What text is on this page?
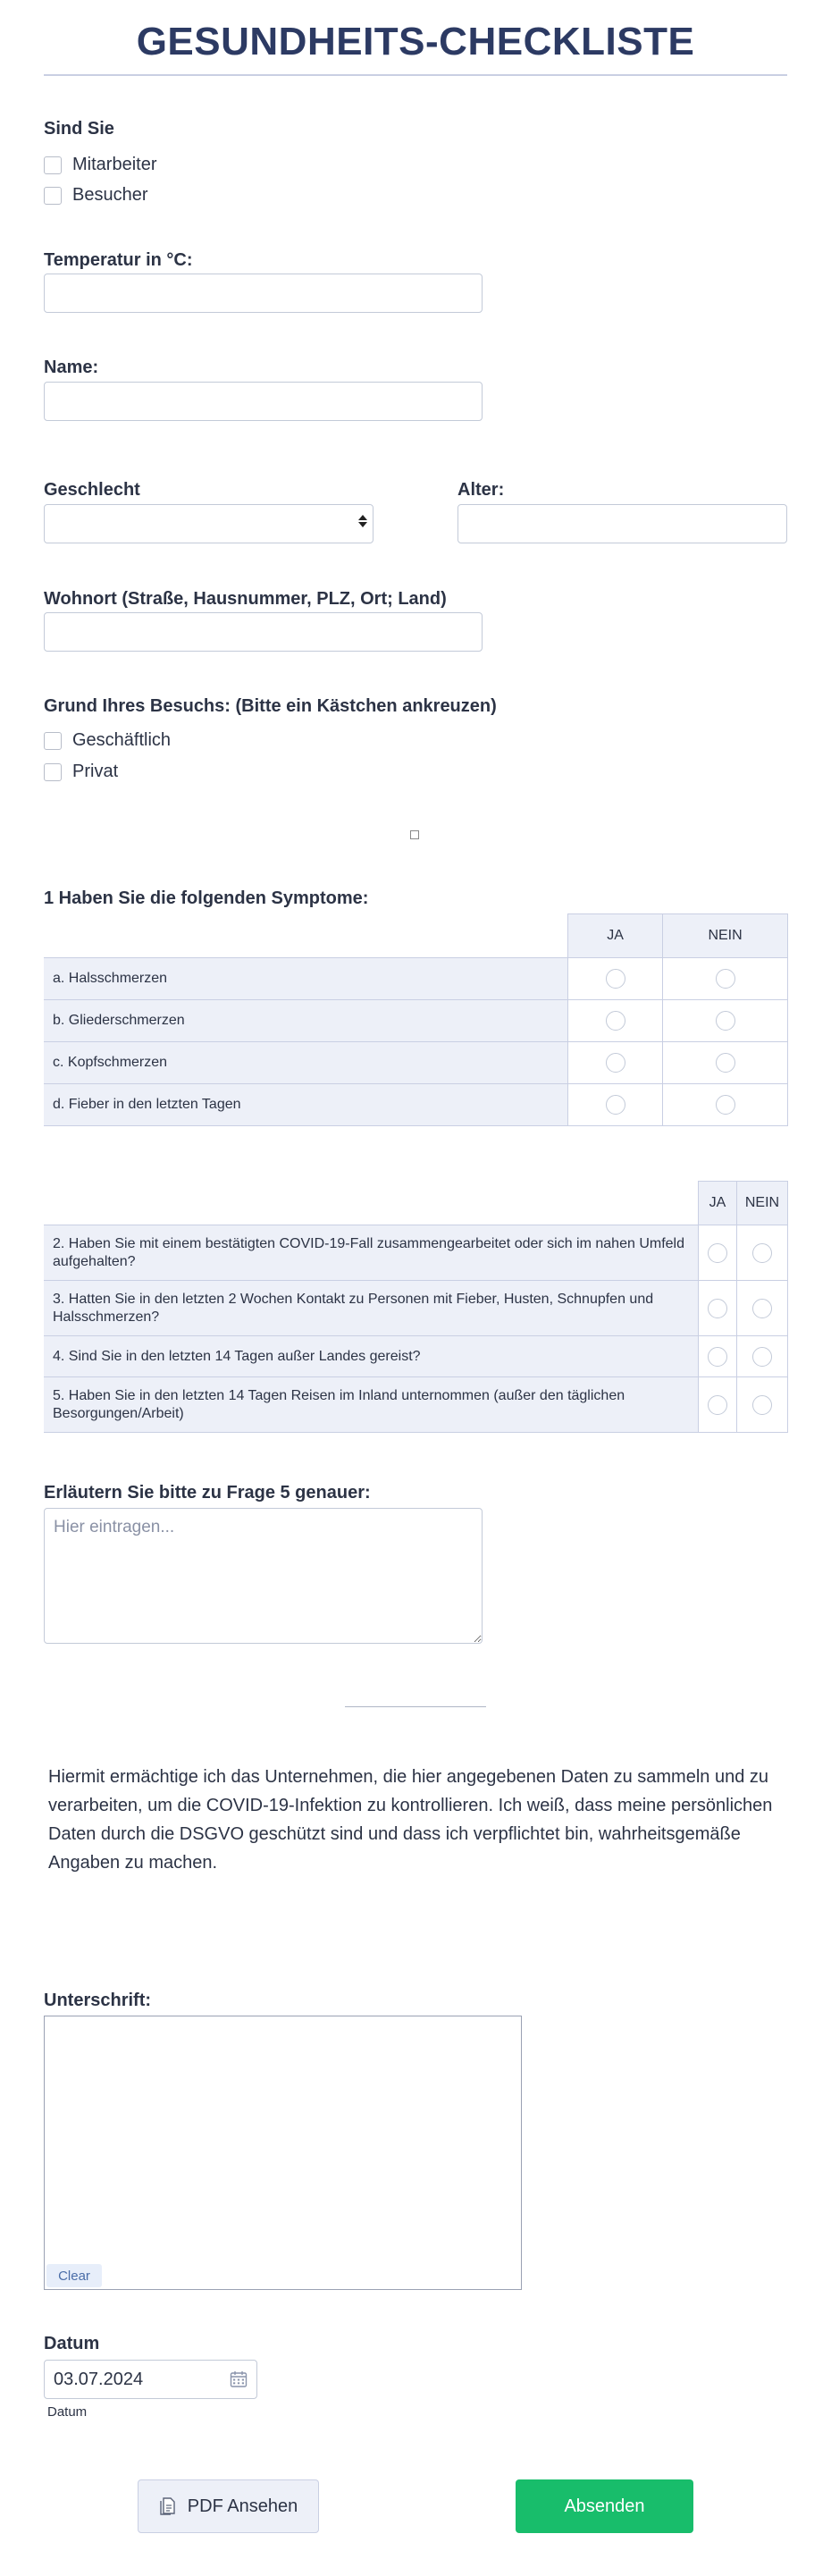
GESUNDHEITS-CHECKLISTE
Sind Sie
Mitarbeiter
Besucher
Temperatur in °C:
Name:
Geschlecht	Alter:
Wohnort (Straße, Hausnummer, PLZ, Ort; Land)
Grund Ihres Besuchs: (Bitte ein Kästchen ankreuzen)
Geschäftlich
Privat
1 Haben Sie die folgenden Symptome:
	JA	NEIN
a. Halsschmerzen		
b. Gliederschmerzen		
c. Kopfschmerzen		
d. Fieber in den letzten Tagen		
	JA	NEIN
2. Haben Sie mit einem bestätigten COVID-19-Fall zusammengearbeitet oder sich im nahen Umfeld aufgehalten?		
3. Hatten Sie in den letzten 2 Wochen Kontakt zu Personen mit Fieber, Husten, Schnupfen und Halsschmerzen?		
4. Sind Sie in den letzten 14 Tagen außer Landes gereist?		
5. Haben Sie in den letzten 14 Tagen Reisen im Inland unternommen (außer den täglichen Besorgungen/Arbeit)		
Erläutern Sie bitte zu Frage 5 genauer:
Hier eintragen...
Hiermit ermächtige ich das Unternehmen, die hier angegebenen Daten zu sammeln und zu verarbeiten, um die COVID-19-Infektion zu kontrollieren. Ich weiß, dass meine persönlichen Daten durch die DSGVO geschützt sind und dass ich verpflichtet bin, wahrheitsgemäße Angaben zu machen.
Unterschrift:
Clear
Datum
03.07.2024
Datum
PDF Ansehen	Absenden
